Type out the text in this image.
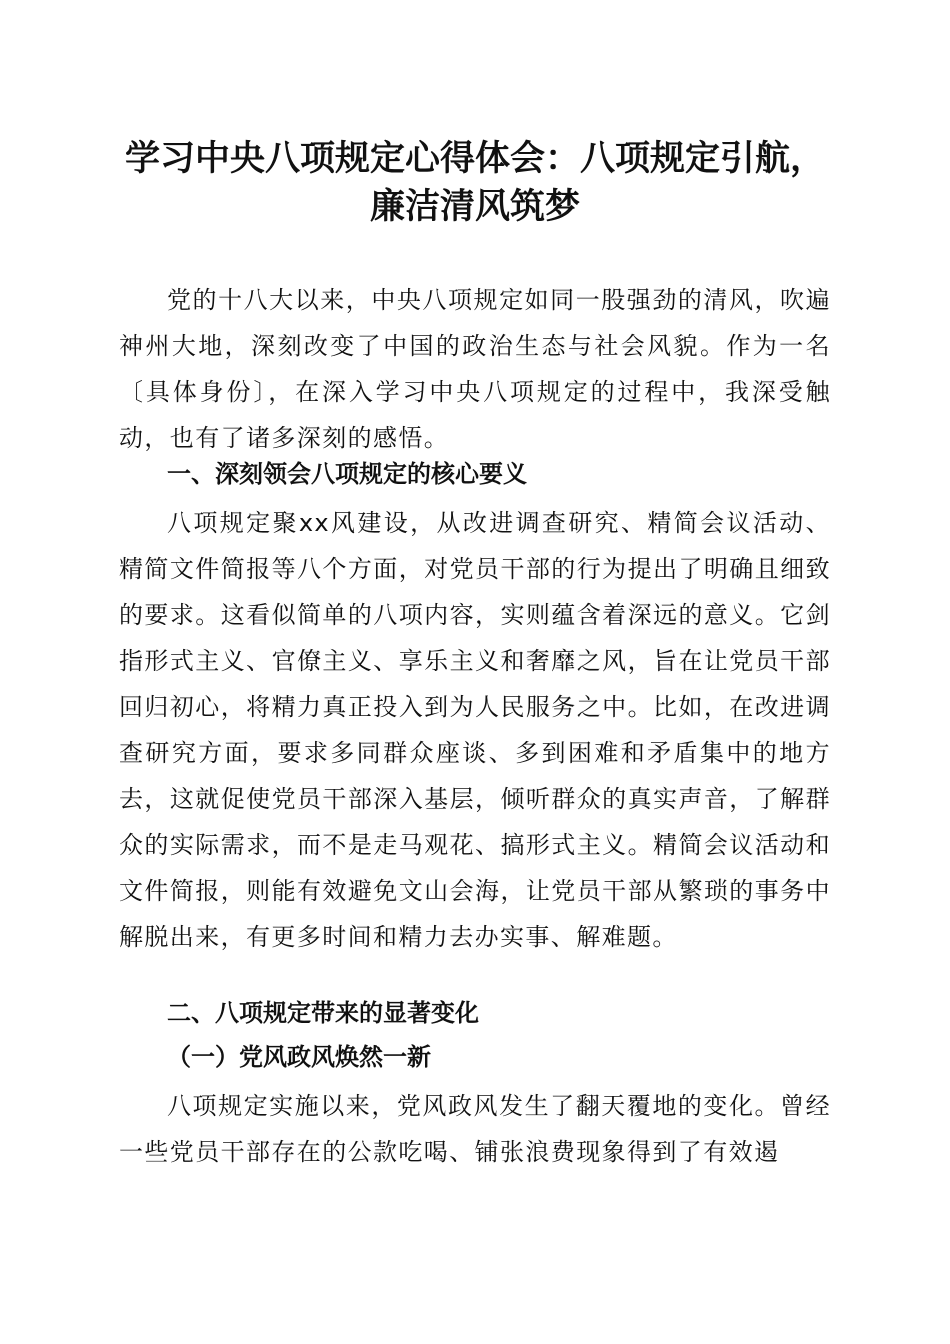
学习中央八项规定心得体会：八项规定引航，
廉洁清风筑梦

党的十八大以来，中央八项规定如同一股强劲的清风，吹遍神州大地，深刻改变了中国的政治生态与社会风貌。作为一名〔具体身份〕，在深入学习中央八项规定的过程中，我深受触动，也有了诸多深刻的感悟。

一、深刻领会八项规定的核心要义

八项规定聚xx风建设，从改进调查研究、精简会议活动、精简文件简报等八个方面，对党员干部的行为提出了明确且细致的要求。这看似简单的八项内容，实则蕴含着深远的意义。它剑指形式主义、官僚主义、享乐主义和奢靡之风，旨在让党员干部回归初心，将精力真正投入到为人民服务之中。比如，在改进调查研究方面，要求多同群众座谈、多到困难和矛盾集中的地方去，这就促使党员干部深入基层，倾听群众的真实声音，了解群众的实际需求，而不是走马观花、搞形式主义。精简会议活动和文件简报，则能有效避免文山会海，让党员干部从繁琐的事务中解脱出来，有更多时间和精力去办实事、解难题。

二、八项规定带来的显著变化
（一）党风政风焕然一新

八项规定实施以来，党风政风发生了翻天覆地的变化。曾经一些党员干部存在的公款吃喝、铺张浪费现象得到了有效遏
